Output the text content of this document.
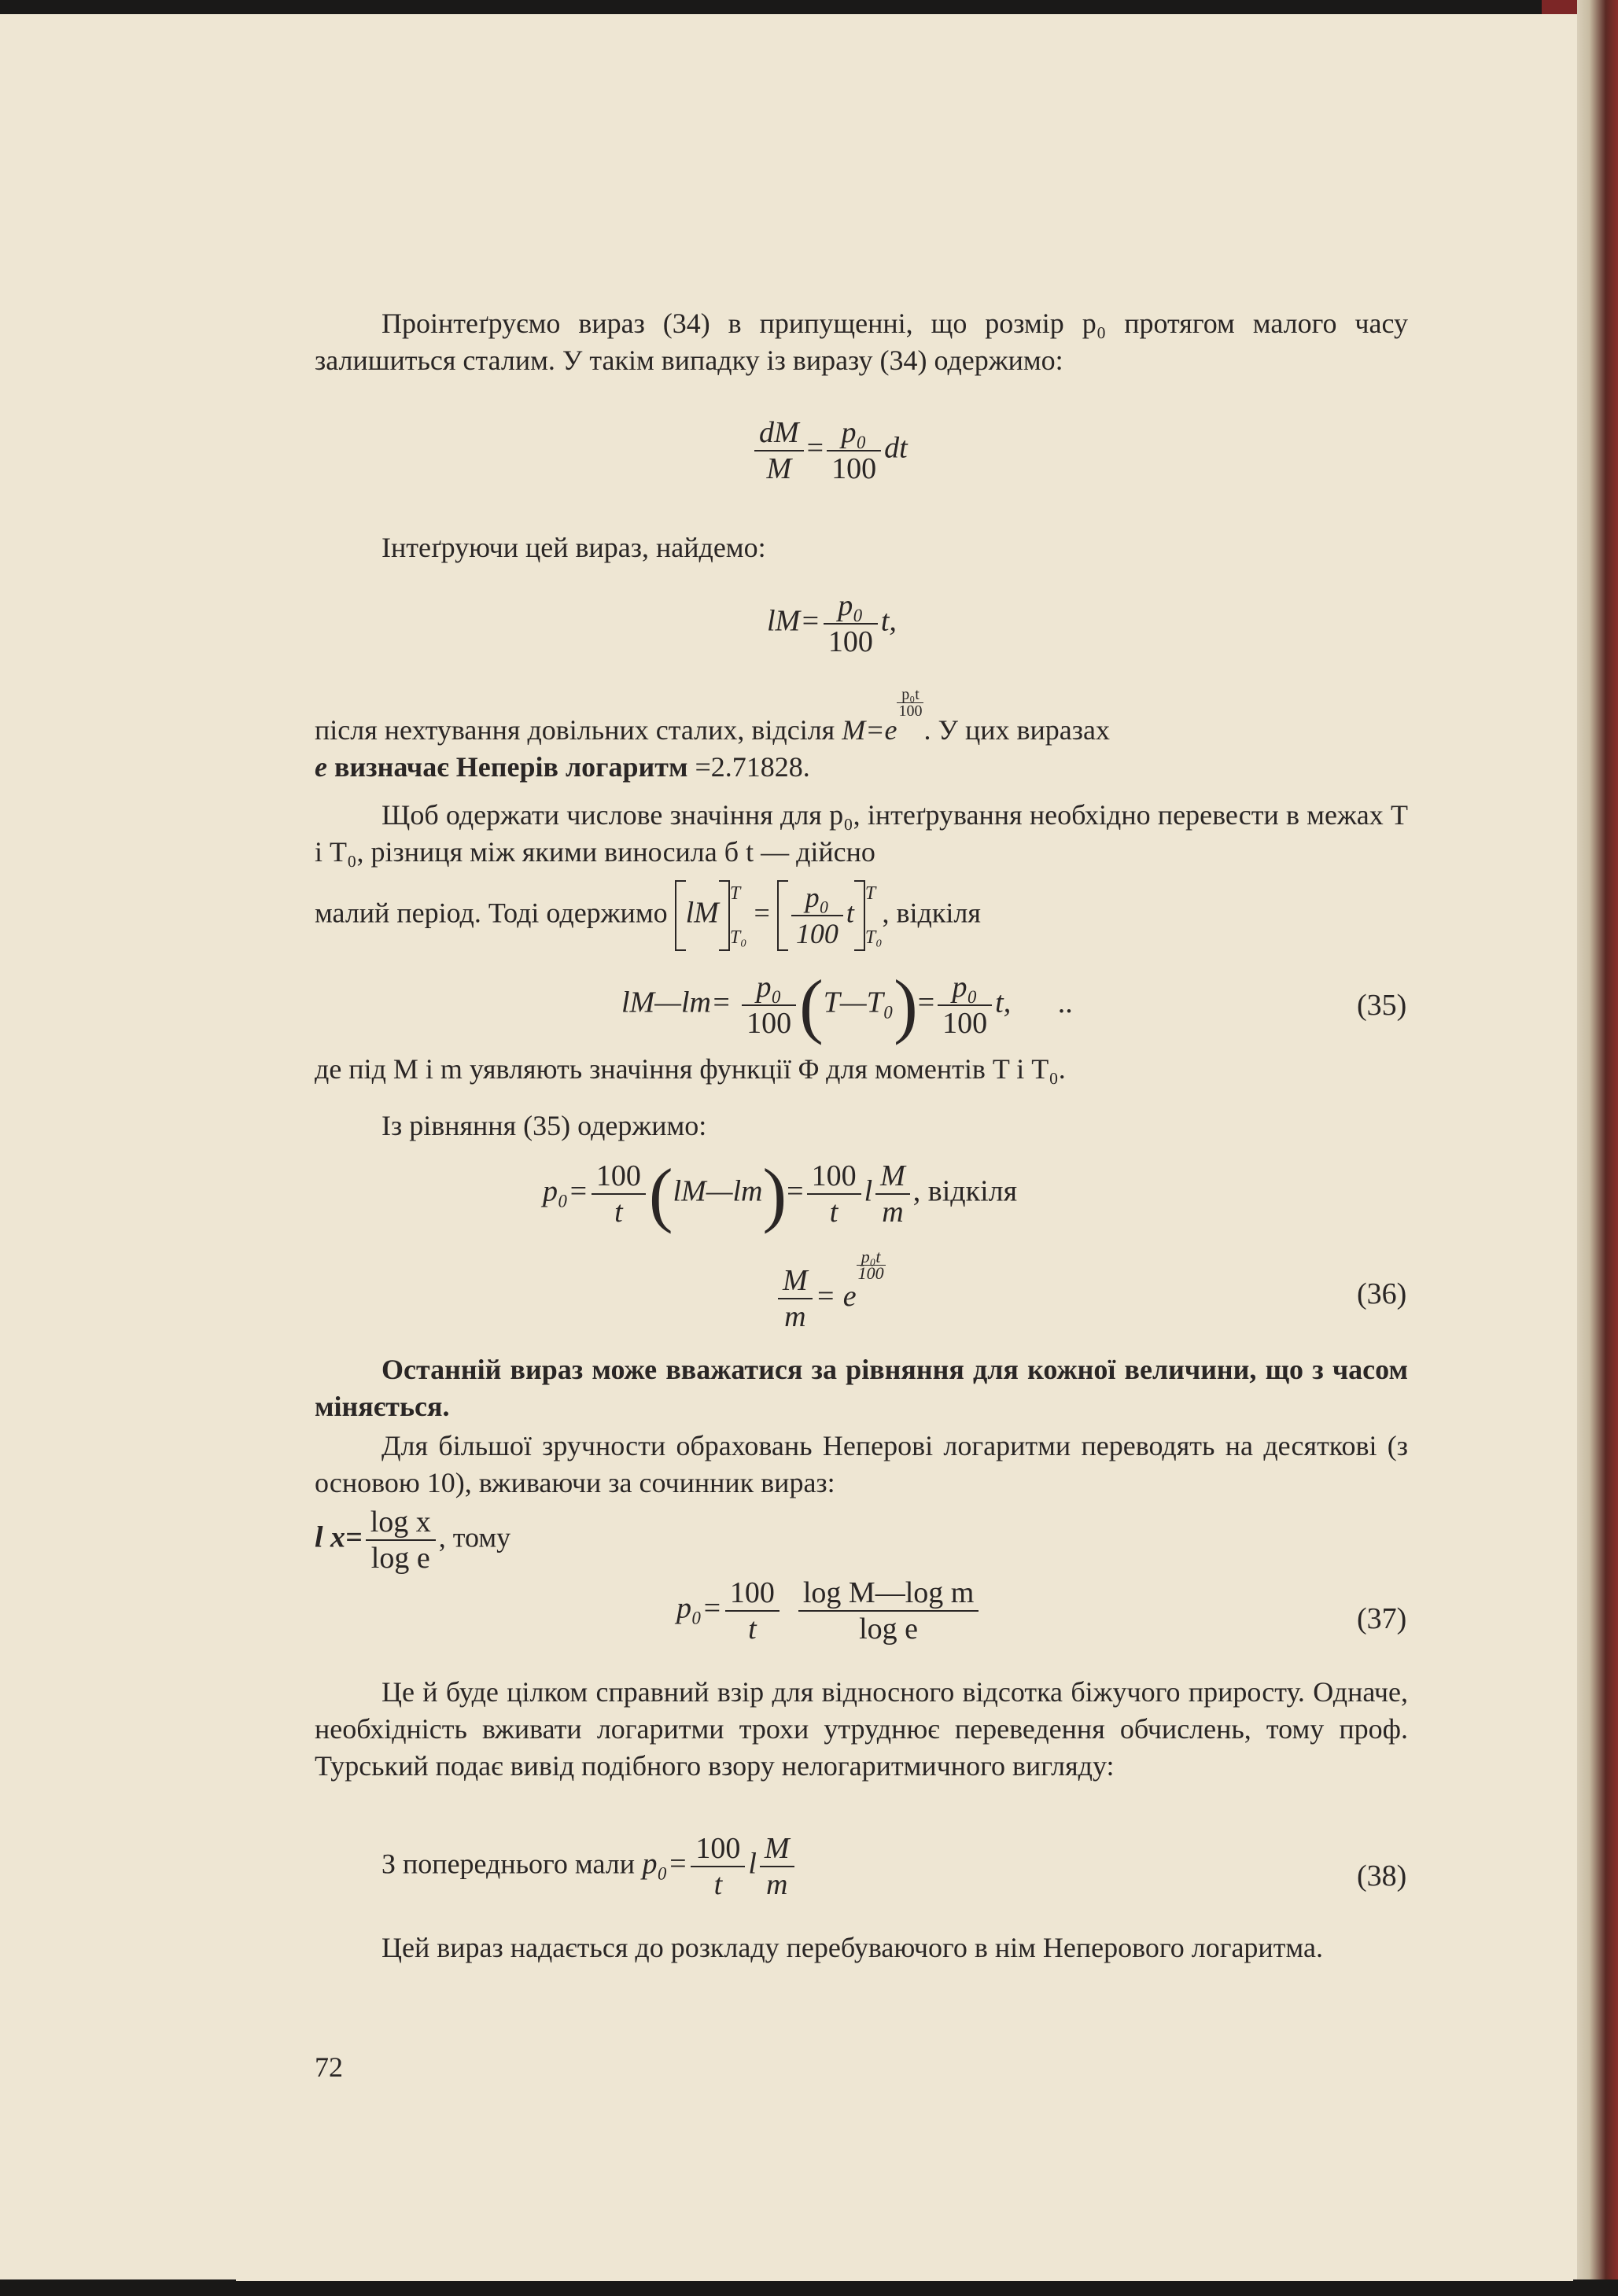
Проінтеґруємо вираз (34) в припущенні, що розмір p₀ протягом малого часу залишиться сталим. У такім випадку із виразу (34) одержимо:
$\frac{dM}{M} = \frac{\text{p₀}}{100}$ dt
Інтеґруючи цей вираз, найдемо:
$lM= \frac{\text{p₀}}{100} t$,
після нехтування довільних сталих, відсіля M=e
$\frac{\text{p₀t}}{100}$
. У цих виразах
e визначає Неперів логаритм =2.71828.
Щоб одержати числове значіння для p₀, інтеґрування необхідно перевести в межах T і T₀, різниця між якими виносила б t — дійсно
малий період. Тоді одержимо lM
T
T₀
= $\frac{\text{p₀}}{100}$ t
T
T₀
, відкіля
lM—lm= $\frac{\text{p₀}}{100}$ (T—T₀)= $\frac{\text{p₀}}{100} t$, ..	(35)
де під M і m уявляють значіння функції Φ для моментів T і T₀.
Із рівняння (35) одержимо:
$p_0= \frac{100}{t}$ (lM—lm)= $\frac{100}{t}$ l $\frac{M}{m}$ , відкіля
$\frac{M}{m} = e$
$\frac{\text{p₀t}}{100}$
(36)
Останній вираз може вважатися за рівняння для кожної величини, що з часом міняється.
Для більшої зручности обраховань Неперові логаритми переводять на десяткові (з основою 10), вживаючи за сочинник вираз:
l $x= \frac{\text{log x}}{\text{log e}}$ , тому
$p_0= \frac{100}{t} \frac{\text{log M—log m}}{\text{log e}}$	(37)
Це й буде цілком справний взір для відносного відсотка біжучого приросту. Одначе, необхідність вживати логаритми трохи утруднює переведення обчислень, тому проф. Турський подає вивід подібного взору нелогаритмичного вигляду:
З попереднього мали $p_0= \frac{100}{t}$ l $\frac{M}{m}$	(38)
Цей вираз надається до розкладу перебуваючого в нім Неперового логаритма.
72
